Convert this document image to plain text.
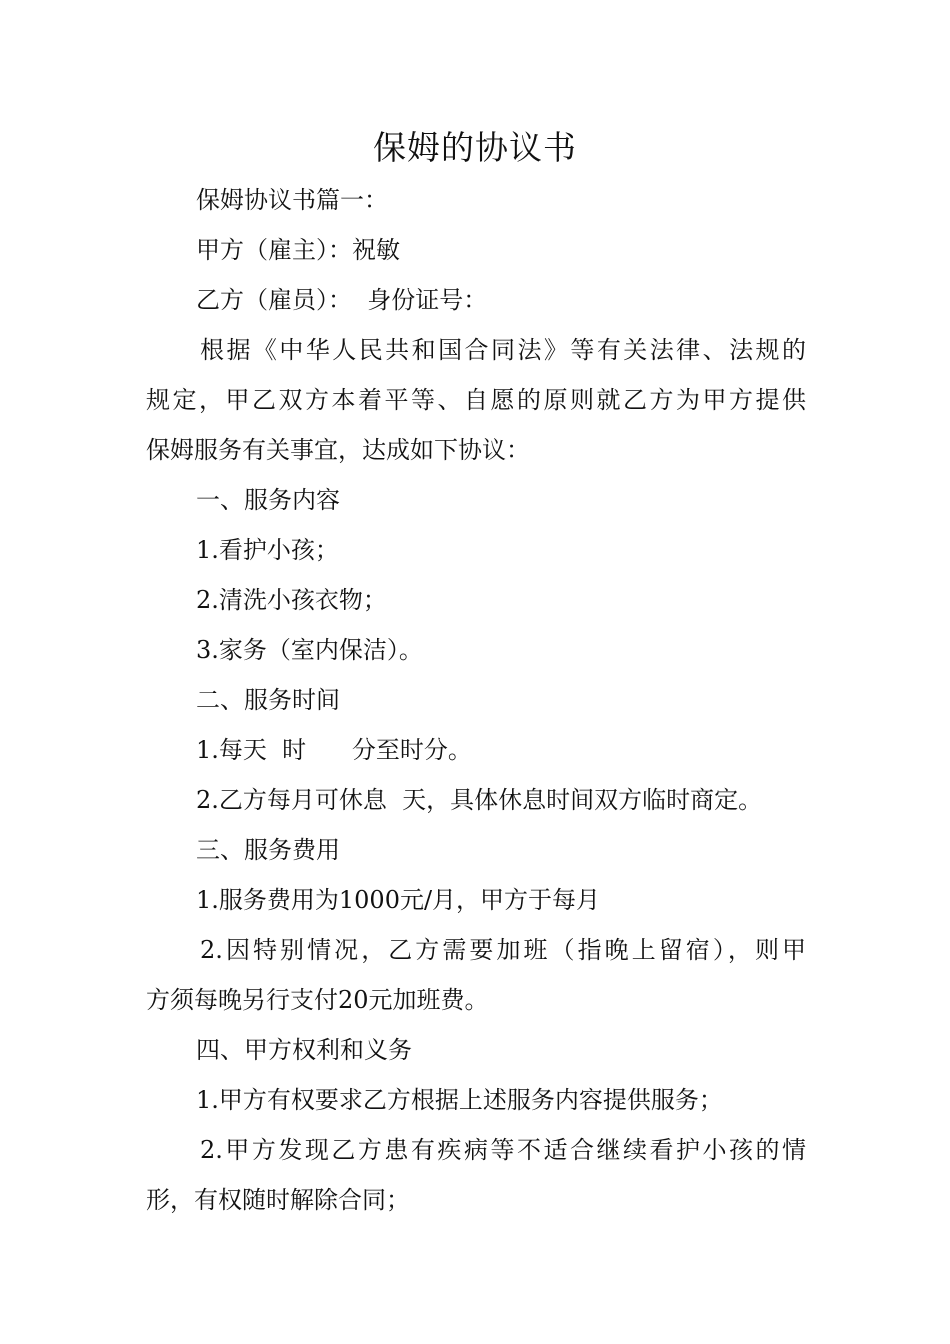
保姆的协议书
保姆协议书篇一：
甲方（雇主）：祝敏
乙方（雇员）：  身份证号：
根据《中华人民共和国合同法》等有关法律、法规的
规定，甲乙双方本着平等、自愿的原则就乙方为甲方提供
保姆服务有关事宜，达成如下协议：
一、服务内容
1.看护小孩；
2.清洗小孩衣物；
3.家务（室内保洁）。
二、服务时间
1.每天  时      分至时分。
2.乙方每月可休息  天，具体休息时间双方临时商定。
三、服务费用
1.服务费用为1000元/月，甲方于每月
2.因特别情况，乙方需要加班（指晚上留宿），则甲
方须每晚另行支付20元加班费。
四、甲方权利和义务
1.甲方有权要求乙方根据上述服务内容提供服务；
2.甲方发现乙方患有疾病等不适合继续看护小孩的情
形，有权随时解除合同；
